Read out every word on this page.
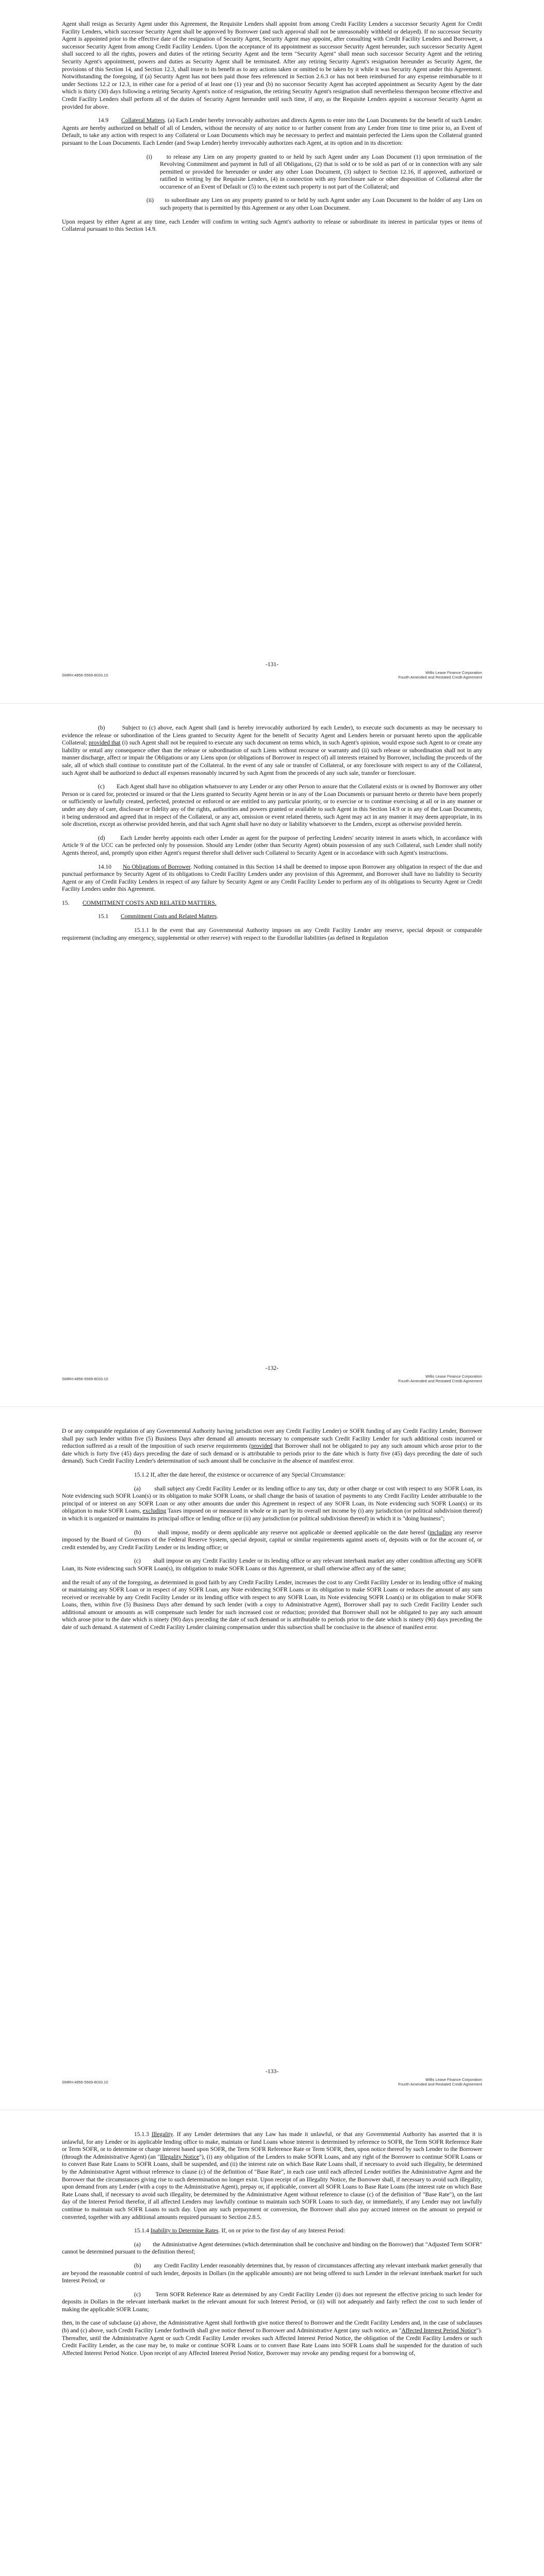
Agent shall resign as Security Agent under this Agreement, the Requisite Lenders shall appoint from among Credit Facility Lenders a successor Security Agent for Credit Facility Lenders, which successor Security Agent shall be approved by Borrower (and such approval shall not be unreasonably withheld or delayed). If no successor Security Agent is appointed prior to the effective date of the resignation of Security Agent, Security Agent may appoint, after consulting with Credit Facility Lenders and Borrower, a successor Security Agent from among Credit Facility Lenders. Upon the acceptance of its appointment as successor Security Agent hereunder, such successor Security Agent shall succeed to all the rights, powers and duties of the retiring Security Agent and the term "Security Agent" shall mean such successor Security Agent and the retiring Security Agent's appointment, powers and duties as Security Agent shall be terminated. After any retiring Security Agent's resignation hereunder as Security Agent, the provisions of this Section 14, and Section 12.3, shall inure to its benefit as to any actions taken or omitted to be taken by it while it was Security Agent under this Agreement. Notwithstanding the foregoing, if (a) Security Agent has not been paid those fees referenced in Section 2.6.3 or has not been reimbursed for any expense reimbursable to it under Sections 12.2 or 12.3, in either case for a period of at least one (1) year and (b) no successor Security Agent has accepted appointment as Security Agent by the date which is thirty (30) days following a retiring Security Agent's notice of resignation, the retiring Security Agent's resignation shall nevertheless thereupon become effective and Credit Facility Lenders shall perform all of the duties of Security Agent hereunder until such time, if any, as the Requisite Lenders appoint a successor Security Agent as provided for above.

14.9 Collateral Matters. (a) Each Lender hereby irrevocably authorizes and directs Agents to enter into the Loan Documents for the benefit of such Lender. Agents are hereby authorized on behalf of all of Lenders, without the necessity of any notice to or further consent from any Lender from time to time prior to, an Event of Default, to take any action with respect to any Collateral or Loan Documents which may be necessary to perfect and maintain perfected the Liens upon the Collateral granted pursuant to the Loan Documents. Each Lender (and Swap Lender) hereby irrevocably authorizes each Agent, at its option and in its discretion:

(i) to release any Lien on any property granted to or held by such Agent under any Loan Document (1) upon termination of the Revolving Commitment and payment in full of all Obligations, (2) that is sold or to be sold as part of or in connection with any sale permitted or provided for hereunder or under any other Loan Document, (3) subject to Section 12.16, if approved, authorized or ratified in writing by the Requisite Lenders, (4) in connection with any foreclosure sale or other disposition of Collateral after the occurrence of an Event of Default or (5) to the extent such property is not part of the Collateral; and

(ii) to subordinate any Lien on any property granted to or held by such Agent under any Loan Document to the holder of any Lien on such property that is permitted by this Agreement or any other Loan Document.

Upon request by either Agent at any time, each Lender will confirm in writing such Agent's authority to release or subordinate its interest in particular types or items of Collateral pursuant to this Section 14.9.

-131-
SMRH:4856-5569-8033.10
Willis Lease Finance Corporation
Fourth Amended and Restated Credit Agreement

(b)	Subject to (c) above, each Agent shall (and is hereby irrevocably authorized by each Lender), to execute such documents as may be necessary to evidence the release or subordination of the Liens granted to Security Agent for the benefit of Security Agent and Lenders herein or pursuant hereto upon the applicable Collateral; provided that (i) such Agent shall not be required to execute any such document on terms which, in such Agent's opinion, would expose such Agent to or create any liability or entail any consequence other than the release or subordination of such Liens without recourse or warranty and (ii) such release or subordination shall not in any manner discharge, affect or impair the Obligations or any Liens upon (or obligations of Borrower in respect of) all interests retained by Borrower, including the proceeds of the sale, all of which shall continue to constitute part of the Collateral. In the event of any sale or transfer of Collateral, or any foreclosure with respect to any of the Collateral, such Agent shall be authorized to deduct all expenses reasonably incurred by such Agent from the proceeds of any such sale, transfer or foreclosure.

(c) Each Agent shall have no obligation whatsoever to any Lender or any other Person to assure that the Collateral exists or is owned by Borrower any other Person or is cared for, protected or insured or that the Liens granted to Security Agent herein or in any of the Loan Documents or pursuant hereto or thereto have been properly or sufficiently or lawfully created, perfected, protected or enforced or are entitled to any particular priority, or to exercise or to continue exercising at all or in any manner or under any duty of care, disclosure or fidelity any of the rights, authorities and powers granted or available to such Agent in this Section 14.9 or in any of the Loan Documents, it being understood and agreed that in respect of the Collateral, or any act, omission or event related thereto, such Agent may act in any manner it may deem appropriate, in its sole discretion, except as otherwise provided herein, and that such Agent shall have no duty or liability whatsoever to the Lenders, except as otherwise provided herein.

(d)	Each Lender hereby appoints each other Lender as agent for the purpose of perfecting Lenders' security interest in assets which, in accordance with Article 9 of the UCC can be perfected only by possession. Should any Lender (other than Security Agent) obtain possession of any such Collateral, such Lender shall notify Agents thereof, and, promptly upon either Agent's request therefor shall deliver such Collateral to Security Agent or in accordance with such Agent's instructions.

14.10 No Obligations of Borrower. Nothing contained in this Section 14 shall be deemed to impose upon Borrower any obligation in respect of the due and punctual performance by Security Agent of its obligations to Credit Facility Lenders under any provision of this Agreement, and Borrower shall have no liability to Security Agent or any of Credit Facility Lenders in respect of any failure by Security Agent or any Credit Facility Lender to perform any of its obligations to Security Agent or Credit Facility Lenders under this Agreement.

15. COMMITMENT COSTS AND RELATED MATTERS.

15.1 Commitment Costs and Related Matters.

15.1.1 In the event that any Governmental Authority imposes on any Credit Facility Lender any reserve, special deposit or comparable requirement (including any emergency, supplemental or other reserve) with respect to the Eurodollar liabilities (as defined in Regulation

-132-
SMRH:4856-5569-8033.10
Willis Lease Finance Corporation
Fourth Amended and Restated Credit Agreement

D or any comparable regulation of any Governmental Authority having jurisdiction over any Credit Facility Lender) or SOFR funding of any Credit Facility Lender, Borrower shall pay such lender within five (5) Business Days after demand all amounts necessary to compensate such Credit Facility Lender for such additional costs incurred or reduction suffered as a result of the imposition of such reserve requirements (provided that Borrower shall not be obligated to pay any such amount which arose prior to the date which is forty five (45) days preceding the date of such demand or is attributable to periods prior to the date which is forty five (45) days preceding the date of such demand). Such Credit Facility Lender's determination of such amount shall be conclusive in the absence of manifest error.

15.1.2 If, after the date hereof, the existence or occurrence of any Special Circumstance:

(a) shall subject any Credit Facility Lender or its lending office to any tax, duty or other charge or cost with respect to any SOFR Loan, its Note evidencing such SOFR Loan(s) or its obligation to make SOFR Loans, or shall change the basis of taxation of payments to any Credit Facility Lender attributable to the principal of or interest on any SOFR Loan or any other amounts due under this Agreement in respect of any SOFR Loan, its Note evidencing such SOFR Loan(s) or its obligation to make SOFR Loans, excluding Taxes imposed on or measured in whole or in part by its overall net income by (i) any jurisdiction (or political subdivision thereof) in which it is organized or maintains its principal office or lending office or (ii) any jurisdiction (or political subdivision thereof) in which it is "doing business";

(b)	shall impose, modify or deem applicable any reserve not applicable or deemed applicable on the date hereof (including any reserve imposed by the Board of Governors of the Federal Reserve System, special deposit, capital or similar requirements against assets of, deposits with or for the account of, or credit extended by, any Credit Facility Lender or its lending office; or

(c) shall impose on any Credit Facility Lender or its lending office or any relevant interbank market any other condition affecting any SOFR Loan, its Note evidencing such SOFR Loan(s), its obligation to make SOFR Loans or this Agreement, or shall otherwise affect any of the same;

and the result of any of the foregoing, as determined in good faith by any Credit Facility Lender, increases the cost to any Credit Facility Lender or its lending office of making or maintaining any SOFR Loan or in respect of any SOFR Loan, any Note evidencing SOFR Loans or its obligation to make SOFR Loans or reduces the amount of any sum received or receivable by any Credit Facility Lender or its lending office with respect to any SOFR Loan, its Note evidencing SOFR Loan(s) or its obligation to make SOFR Loans, then, within five (5) Business Days after demand by such lender (with a copy to Administrative Agent), Borrower shall pay to such Credit Facility Lender such additional amount or amounts as will compensate such lender for such increased cost or reduction; provided that Borrower shall not be obligated to pay any such amount which arose prior to the date which is ninety (90) days preceding the date of such demand or is attributable to periods prior to the date which is ninety (90) days preceding the date of such demand. A statement of Credit Facility Lender claiming compensation under this subsection shall be conclusive in the absence of manifest error.

-133-
SMRH:4856-5569-8033.10
Willis Lease Finance Corporation
Fourth Amended and Restated Credit Agreement

15.1.3 Illegality. If any Lender determines that any Law has made it unlawful, or that any Governmental Authority has asserted that it is unlawful, for any Lender or its applicable lending office to make, maintain or fund Loans whose interest is determined by reference to SOFR, the Term SOFR Reference Rate or Term SOFR, or to determine or charge interest based upon SOFR, the Term SOFR Reference Rate or Term SOFR, then, upon notice thereof by such Lender to the Borrower (through the Administrative Agent) (an "Illegality Notice"), (i) any obligation of the Lenders to make SOFR Loans, and any right of the Borrower to continue SOFR Loans or to convert Base Rate Loans to SOFR Loans, shall be suspended, and (ii) the interest rate on which Base Rate Loans shall, if necessary to avoid such illegality, be determined by the Administrative Agent without reference to clause (c) of the definition of "Base Rate", in each case until each affected Lender notifies the Administrative Agent and the Borrower that the circumstances giving rise to such determination no longer exist. Upon receipt of an Illegality Notice, the Borrower shall, if necessary to avoid such illegality, upon demand from any Lender (with a copy to the Administrative Agent), prepay or, if applicable, convert all SOFR Loans to Base Rate Loans (the interest rate on which Base Rate Loans shall, if necessary to avoid such illegality, be determined by the Administrative Agent without reference to clause (c) of the definition of "Base Rate"), on the last day of the Interest Period therefor, if all affected Lenders may lawfully continue to maintain such SOFR Loans to such day, or immediately, if any Lender may not lawfully continue to maintain such SOFR Loans to such day. Upon any such prepayment or conversion, the Borrower shall also pay accrued interest on the amount so prepaid or converted, together with any additional amounts required pursuant to Section 2.8.5.

15.1.4 Inability to Determine Rates. If, on or prior to the first day of any Interest Period:

(a) the Administrative Agent determines (which determination shall be conclusive and binding on the Borrower) that "Adjusted Term SOFR" cannot be determined pursuant to the definition thereof;

(b) any Credit Facility Lender reasonably determines that, by reason of circumstances affecting any relevant interbank market generally that are beyond the reasonable control of such lender, deposits in Dollars (in the applicable amounts) are not being offered to such Lender in the relevant interbank market for such Interest Period; or

(c) Term SOFR Reference Rate as determined by any Credit Facility Lender (i) does not represent the effective pricing to such lender for deposits in Dollars in the relevant interbank market in the relevant amount for such Interest Period, or (ii) will not adequately and fairly reflect the cost to such lender of making the applicable SOFR Loans;

then, in the case of subclause (a) above, the Administrative Agent shall forthwith give notice thereof to Borrower and the Credit Facility Lenders and, in the case of subclauses (b) and (c) above, such Credit Facility Lender forthwith shall give notice thereof to Borrower and Administrative Agent (any such notice, an "Affected Interest Period Notice"). Thereafter, until the Administrative Agent or such Credit Facility Lender revokes such Affected Interest Period Notice, the obligation of the Credit Facility Lenders or such Credit Facility Lender, as the case may be, to make or continue SOFR Loans or to convert Base Rate Loans into SOFR Loans shall be suspended for the duration of such Affected Interest Period Notice. Upon receipt of any Affected Interest Period Notice, Borrower may revoke any pending request for a borrowing of,
